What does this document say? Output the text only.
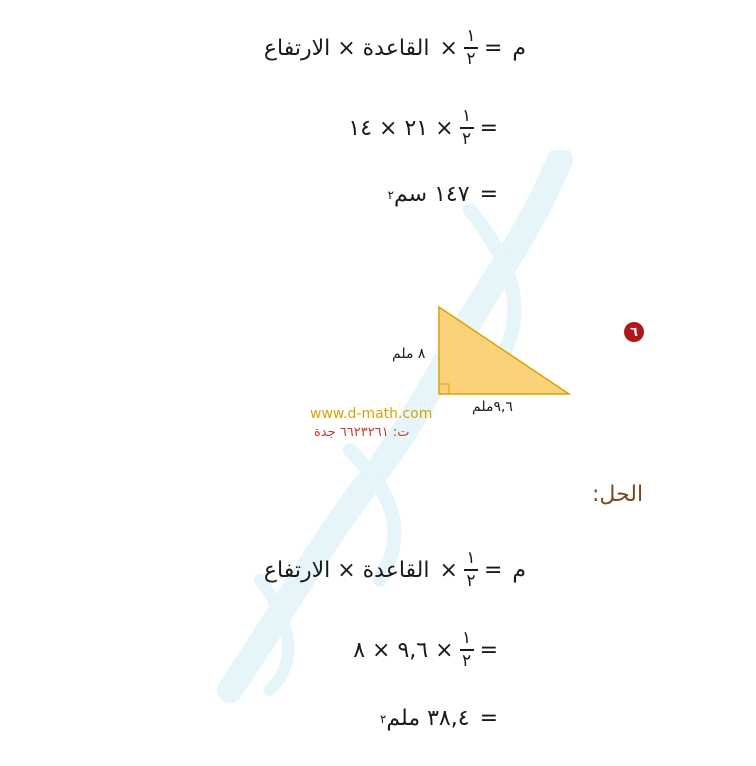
م
=
$\frac{١}{٢}$
×
القاعدة × الارتفاع
=
$\frac{١}{٢}$
× ٢١ × ١٤
=
١٤٧ سم
٢
٦
٨ ملم
٩,٦ملم
www.d-math.com
ت: ٦٦٢٣٢٦١ جدة
الحل:
م
=
$\frac{١}{٢}$
×
القاعدة × الارتفاع
=
$\frac{١}{٢}$
× ٩,٦ × ٨
=
٣٨,٤ ملم
٢
